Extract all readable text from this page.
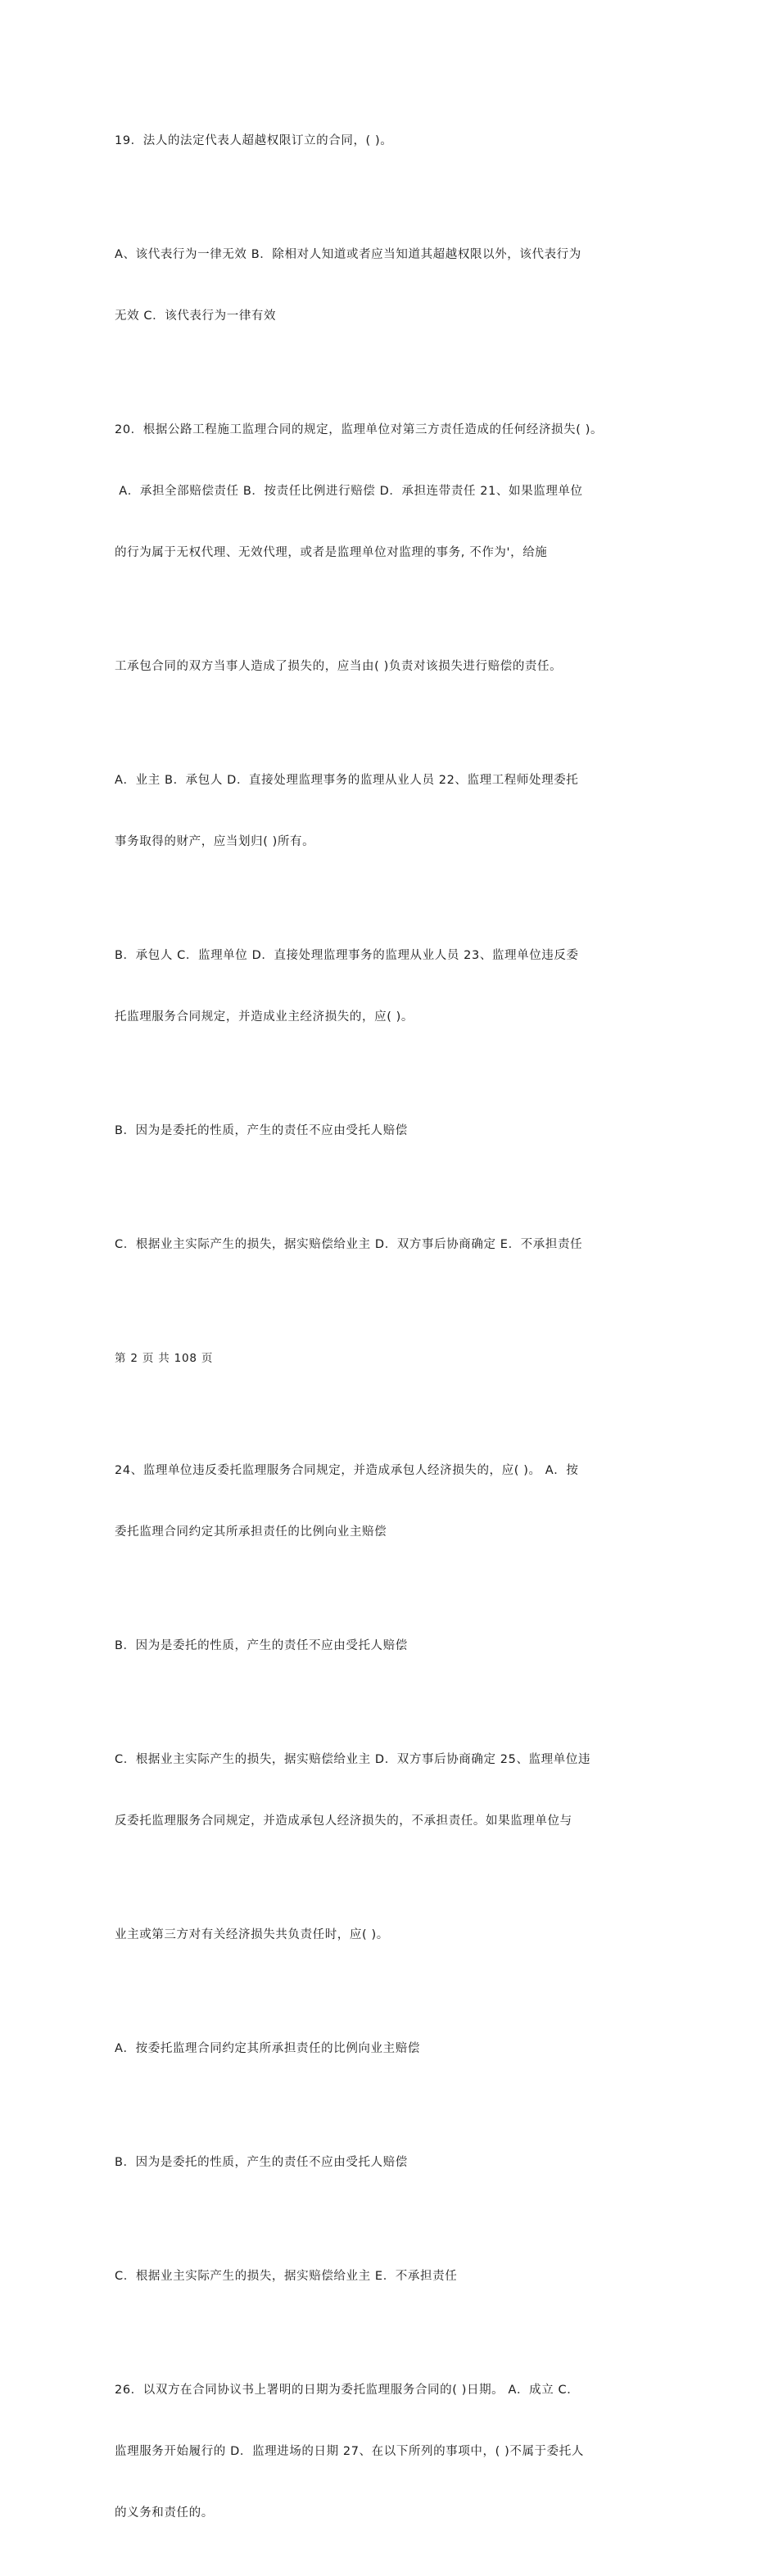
19．法人的法定代表人超越权限订立的合同，( )。

A、该代表行为一律无效 B．除相对人知道或者应当知道其超越权限以外，该代表行为

无效 C．该代表行为一律有效

20．根据公路工程施工监理合同的规定，监理单位对第三方责任造成的任何经济损失( )。

A．承担全部赔偿责任 B．按责任比例进行赔偿 D．承担连带责任 21、如果监理单位

的行为属于无权代理、无效代理，或者是监理单位对监理的事务, 不作为'，给施

工承包合同的双方当事人造成了损失的，应当由( )负责对该损失进行赔偿的责任。

A．业主 B．承包人 D．直接处理监理事务的监理从业人员 22、监理工程师处理委托

事务取得的财产，应当划归( )所有。

B．承包人 C．监理单位 D．直接处理监理事务的监理从业人员 23、监理单位违反委

托监理服务合同规定，并造成业主经济损失的，应( )。

B．因为是委托的性质，产生的责任不应由受托人赔偿

C．根据业主实际产生的损失，据实赔偿给业主 D．双方事后协商确定 E．不承担责任

第 2 页 共 108 页

24、监理单位违反委托监理服务合同规定，并造成承包人经济损失的，应( )。 A．按

委托监理合同约定其所承担责任的比例向业主赔偿

B．因为是委托的性质，产生的责任不应由受托人赔偿

C．根据业主实际产生的损失，据实赔偿给业主 D．双方事后协商确定 25、监理单位违

反委托监理服务合同规定，并造成承包人经济损失的，不承担责任。如果监理单位与

业主或第三方对有关经济损失共负责任时，应( )。

A．按委托监理合同约定其所承担责任的比例向业主赔偿

B．因为是委托的性质，产生的责任不应由受托人赔偿

C．根据业主实际产生的损失，据实赔偿给业主 E．不承担责任

26．以双方在合同协议书上署明的日期为委托监理服务合同的( )日期。 A．成立 C．

监理服务开始履行的 D．监理进场的日期 27、在以下所列的事项中，( )不属于委托人

的义务和责任的。
